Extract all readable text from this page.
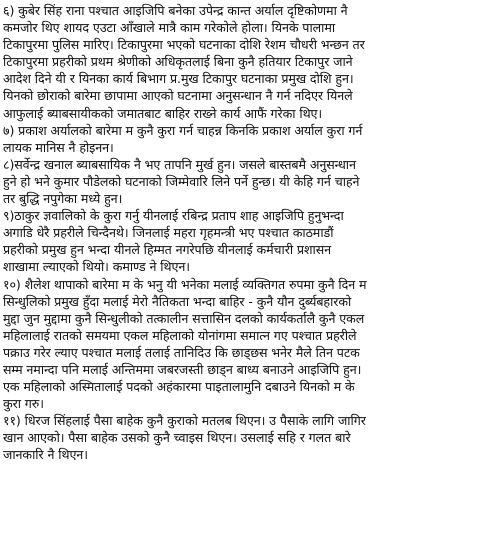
६) कुबेर सिंह राना पश्चात आइजिपि बनेका उपेन्द्र कान्त अर्याल दृष्टिकोणमा नै
कमजोर थिए शायद एउटा आँखाले मात्रै काम गरेकोले होला। यिनके पालामा
टिकापुरमा पुलिस मारिए। टिकापुरमा भएको घटनाका दोशि रेशम चौधरी भन्छन तर
टिकापुरमा प्रहरीको प्रथम श्रेणीको अधिकृतलाई बिना कुनै हतियार टिकापुर जाने
आदेश दिने यी र यिनका कार्य बिभाग प्र.मुख टिकापुर घटनाका प्रमुख दोशि हुन।
यिनको छोराको बारेमा छापामा आएको घटनामा अनुसन्धान नै गर्न नदिएर यिनले
आफुलाई ब्याबसायीकको जमातबाट बाहिर राख्ने कार्य आफैं गरेका थिए।
७) प्रकाश अर्यालको बारेमा म कुनै कुरा गर्न चाहन्न किनकि प्रकाश अर्याल कुरा गर्न
लायक मानिस नै होइनन।
८)सर्वेन्द्र खनाल ब्याबसायिक नै भए तापनि मुर्ख हुन। जसले बास्तबमै अनुसन्धान
हुने हो भने कुमार पौडेलको घटनाको जिम्मेवारि लिने पर्ने हुन्छ। यी केहि गर्न चाहने
तर बुद्धि नपुगेका मध्ये हुन।
९)ठाकुर ज्ञवालिको के कुरा गर्नु यीनलाई रबिन्द्र प्रताप शाह आइजिपि हुनुभन्दा
अगाडि धेरै प्रहरीले चिन्दैनथे। जिनलाई महरा गृहमन्त्री भए पश्चात काठमाडौं
प्रहरीको प्रमुख हुन भन्दा यीनले हिम्मत नगरेपछि यीनलाई कर्मचारी प्रशासन
शाखामा ल्याएको थियो। कमाण्ड ने थिएन।
१०) शैलेश थापाको बारेमा म के भनु यी भनेका मलाई व्यक्तिगत रुपमा कुनै दिन म
सिन्धुलिको प्रमुख हुँदा मलाई मेरो नैतिकता भन्दा बाहिर - कुनै यौन दुर्ब्यबहारको
मुद्दा जुन मुद्दामा कुनै सिन्धुलीको तत्कालीन सत्तासिन दलको कार्यकर्तालै कुनै एकल
महिलालाई रातको समयमा एकल महिलाको योनांगमा समात्न गए पश्चात प्रहरीले
पक्राउ गरेर ल्याए पश्चात मलाई तलाई तानिदिउ कि छाड्छस भनेर मैले तिन पटक
सम्म नमान्दा पनि मलाई अन्तिममा जबरजस्ती छाड्न बाध्य बनाउने आइजिपि हुन।
एक महिलाको अस्मितालाई पदको अहंकारमा पाइतालामुनि दबाउने यिनको म के
कुरा गरु।
११) धिरज सिंहलाई पैसा बाहेक कुनै कुराको मतलब थिएन। उ पैसाके लागि जागिर
खान आएको। पैसा बाहेक उसको कुनै च्वाइस थिएन। उसलाई सहि र गलत बारे
जानकारि नै थिएन।
